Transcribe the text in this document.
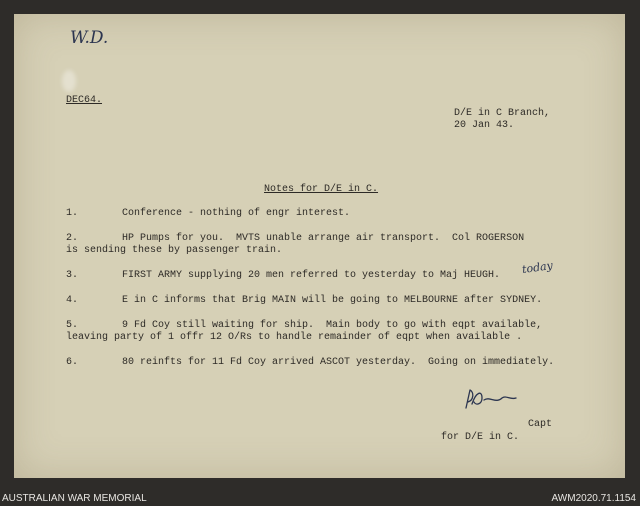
W.D.
DEC64.
D/E in C Branch,
20 Jan 43.
Notes for D/E in C.
1.	Conference - nothing of engr interest.
2.	HP Pumps for you.  MVTS unable arrange air transport.  Col ROGERSON
is sending these by passenger train.
3.	FIRST ARMY supplying 20 men referred to yesterday to Maj HEUGH. today
4.	E in C informs that Brig MAIN will be going to MELBOURNE after SYDNEY.
5.	9 Fd Coy still waiting for ship.  Main body to go with eqpt available,
leaving party of 1 offr 12 O/Rs to handle remainder of eqpt when available .
6.	80 reinfts for 11 Fd Coy arrived ASCOT yesterday.  Going on immediately.
Capt
for D/E in C.
AUSTRALIAN WAR MEMORIAL	AWM2020.71.1154
